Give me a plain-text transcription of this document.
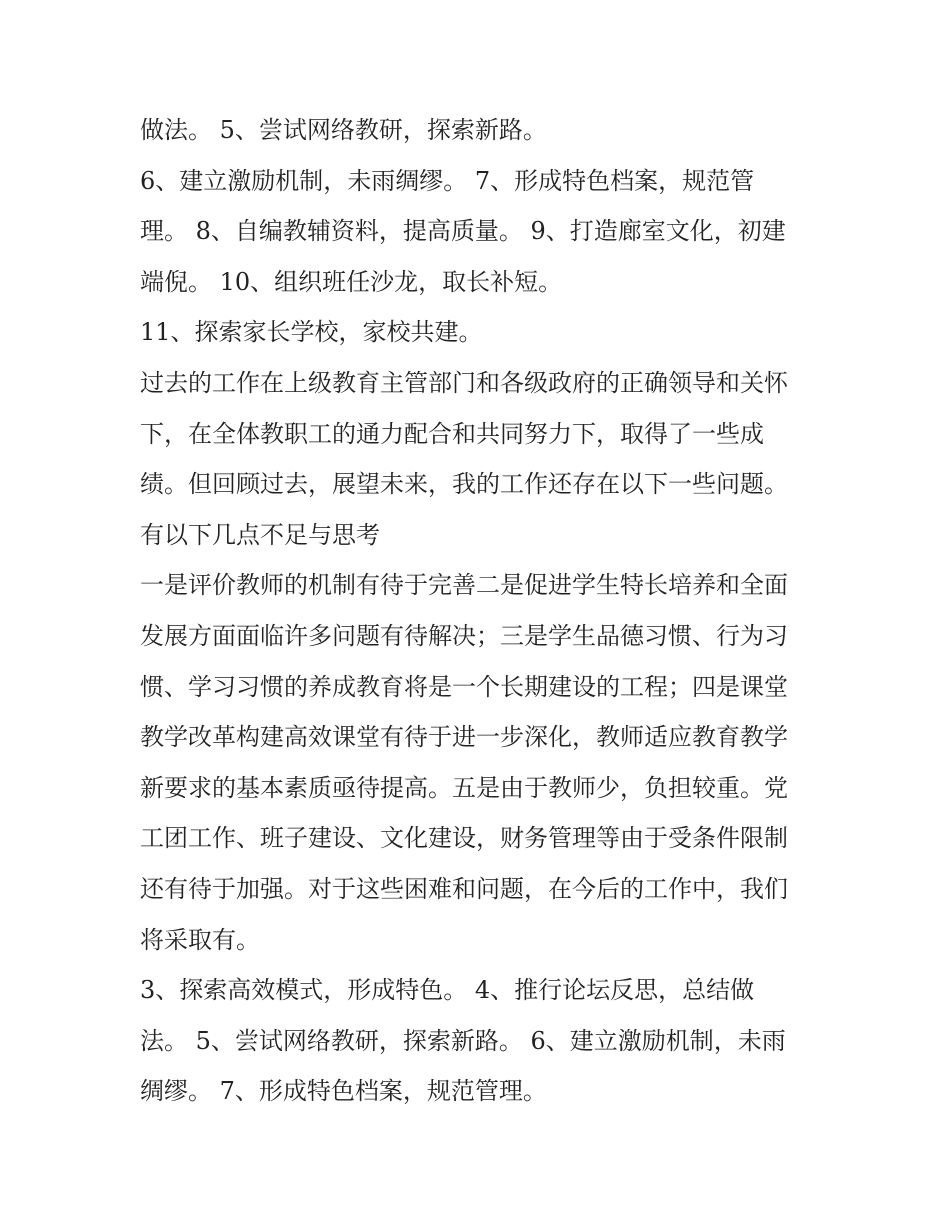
做法。 5、尝试网络教研，探索新路。
6、建立激励机制，未雨绸缪。 7、形成特色档案，规范管
理。 8、自编教辅资料，提高质量。 9、打造廊室文化，初建
端倪。 10、组织班任沙龙，取长补短。
11、探索家长学校，家校共建。
过去的工作在上级教育主管部门和各级政府的正确领导和关怀
下，在全体教职工的通力配合和共同努力下，取得了一些成
绩。但回顾过去，展望未来，我的工作还存在以下一些问题。
有以下几点不足与思考
一是评价教师的机制有待于完善二是促进学生特长培养和全面
发展方面面临许多问题有待解决；三是学生品德习惯、行为习
惯、学习习惯的养成教育将是一个长期建设的工程；四是课堂
教学改革构建高效课堂有待于进一步深化，教师适应教育教学
新要求的基本素质亟待提高。五是由于教师少，负担较重。党
工团工作、班子建设、文化建设，财务管理等由于受条件限制
还有待于加强。对于这些困难和问题，在今后的工作中，我们
将采取有。
3、探索高效模式，形成特色。 4、推行论坛反思，总结做
法。 5、尝试网络教研，探索新路。 6、建立激励机制，未雨
绸缪。 7、形成特色档案，规范管理。
